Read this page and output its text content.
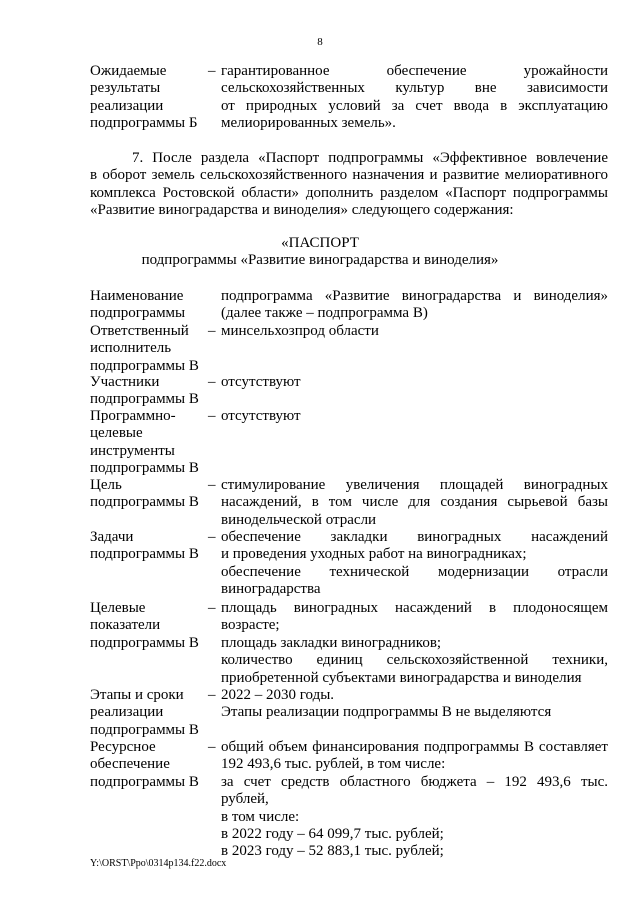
8
Ожидаемые
результаты
реализации
подпрограммы Б
– гарантированное обеспечение урожайности

сельскохозяйственных культур вне зависимости

от природных условий за счет ввода в эксплуатацию

мелиорированных земель».

7. После раздела «Паспорт подпрограммы «Эффективное вовлечение
в оборот земель сельскохозяйственного назначения и развитие мелиоративного
комплекса Ростовской области» дополнить разделом «Паспорт подпрограммы
«Развитие виноградарства и виноделия» следующего содержания:
«ПАСПОРТ
подпрограммы «Развитие виноградарства и виноделия»
Наименование
подпрограммы

подпрограмма «Развитие виноградарства и виноделия»

(далее также – подпрограмма В)

Ответственный
исполнитель
подпрограммы В
– минсельхозпрод области

Участники
подпрограммы В
– отсутствуют

Программно-
целевые
инструменты
подпрограммы В
– отсутствуют

Цель
подпрограммы В
– стимулирование увеличения площадей виноградных

насаждений, в том числе для создания сырьевой базы

винодельческой отрасли

Задачи
подпрограммы В
– обеспечение закладки виноградных насаждений

и проведения уходных работ на виноградниках;

обеспечение технической модернизации отрасли

виноградарства

Целевые
показатели
подпрограммы В
– площадь виноградных насаждений в плодоносящем

возрасте;

площадь закладки виноградников;

количество единиц сельскохозяйственной техники,

приобретенной субъектами виноградарства и виноделия

Этапы и сроки
реализации
подпрограммы В
– 2022 – 2030 годы.

Этапы реализации подпрограммы В не выделяются

Ресурсное
обеспечение
подпрограммы В
– общий объем финансирования подпрограммы В составляет

192 493,6 тыс. рублей, в том числе:

за счет средств областного бюджета – 192 493,6 тыс. рублей,

в том числе:

в 2022 году – 64 099,7 тыс. рублей;

в 2023 году – 52 883,1 тыс. рублей;

Y:\ORST\Ppo\0314p134.f22.docx
